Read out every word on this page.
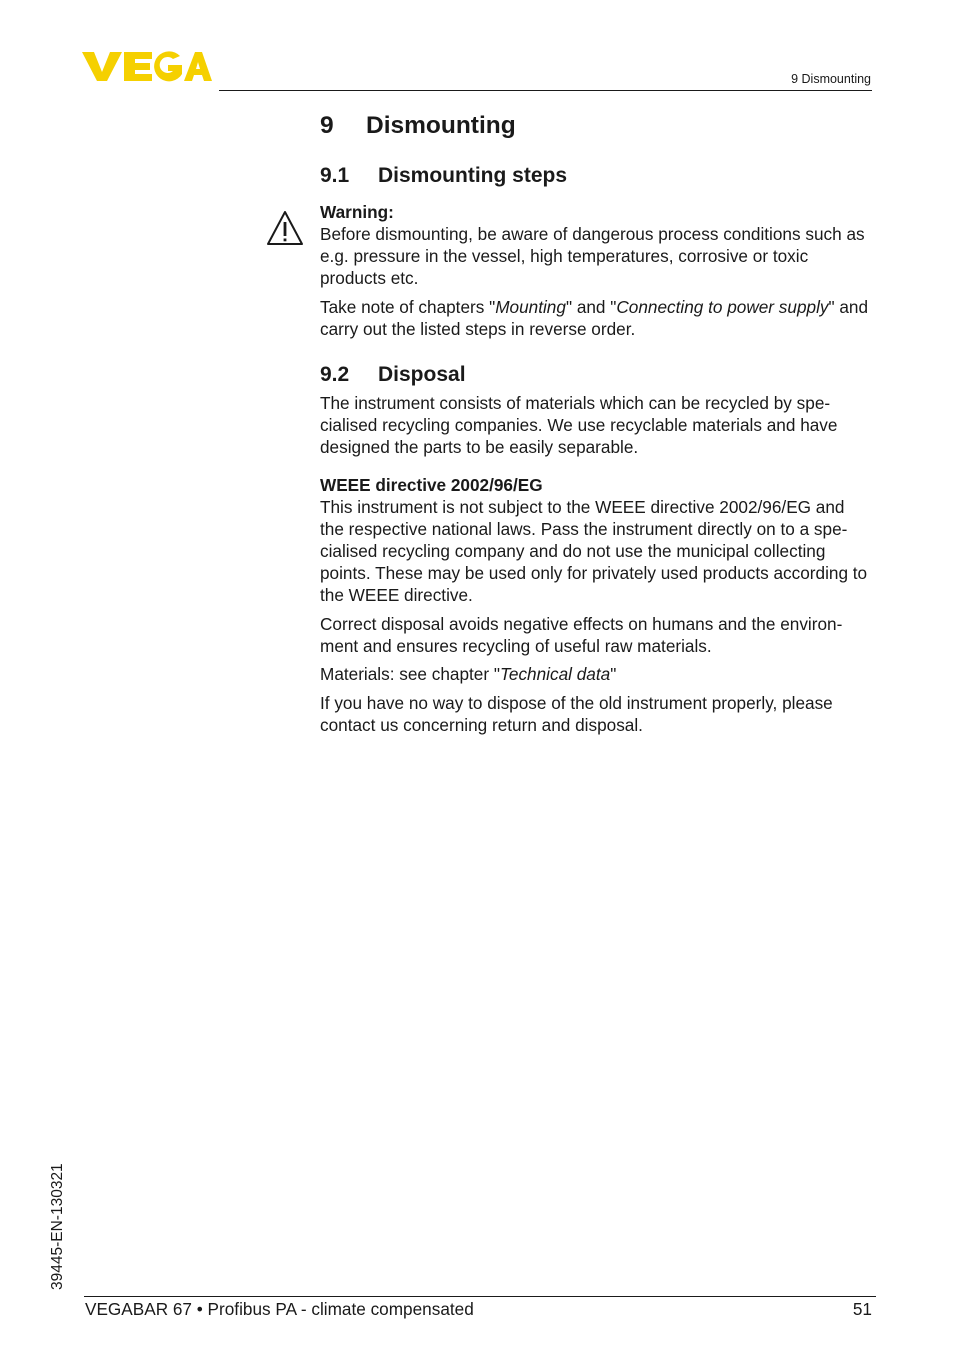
9 Dismounting
9 Dismounting
9.1 Dismounting steps

Warning:

Before dismounting, be aware of dangerous process conditions such as e.g. pressure in the vessel, high temperatures, corrosive or toxic products etc.

Take note of chapters "Mounting" and "Connecting to power supply" and carry out the listed steps in reverse order.

9.2 Disposal

The instrument consists of materials which can be recycled by spe-cialised recycling companies. We use recyclable materials and have designed the parts to be easily separable.

WEEE directive 2002/96/EG

This instrument is not subject to the WEEE directive 2002/96/EG and the respective national laws. Pass the instrument directly on to a spe-cialised recycling company and do not use the municipal collecting points. These may be used only for privately used products according to the WEEE directive.

Correct disposal avoids negative effects on humans and the environ-ment and ensures recycling of useful raw materials.

Materials: see chapter "Technical data"

If you have no way to dispose of the old instrument properly, please contact us concerning return and disposal.

39445-EN-130321
VEGABAR 67 • Profibus PA - climate compensated	51
